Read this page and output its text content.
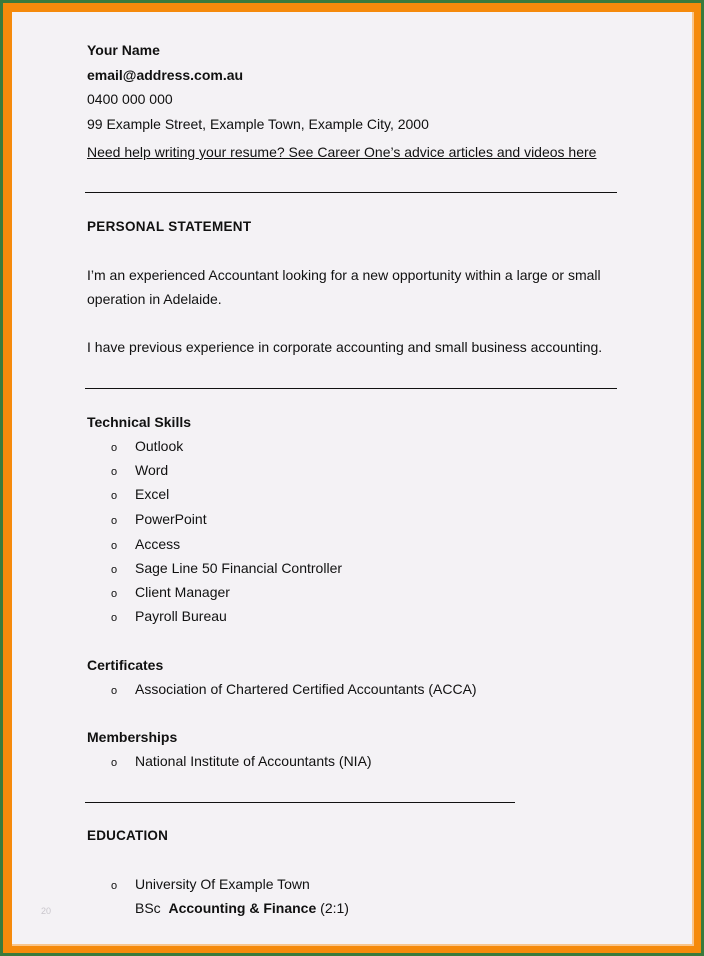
Your Name
email@address.com.au
0400 000 000
99 Example Street, Example Town, Example City, 2000
Need help writing your resume? See Career One’s advice articles and videos here
PERSONAL STATEMENT
I’m an experienced Accountant looking for a new opportunity within a large or small
operation in Adelaide.
I have previous experience in corporate accounting and small business accounting.
Technical Skills
o Outlook
o Word
o Excel
o PowerPoint
o Access
o Sage Line 50 Financial Controller
o Client Manager
o Payroll Bureau
Certificates
o Association of Chartered Certified Accountants (ACCA)
Memberships
o National Institute of Accountants (NIA)
EDUCATION
o University Of Example Town
BSc Accounting & Finance (2:1)
20
